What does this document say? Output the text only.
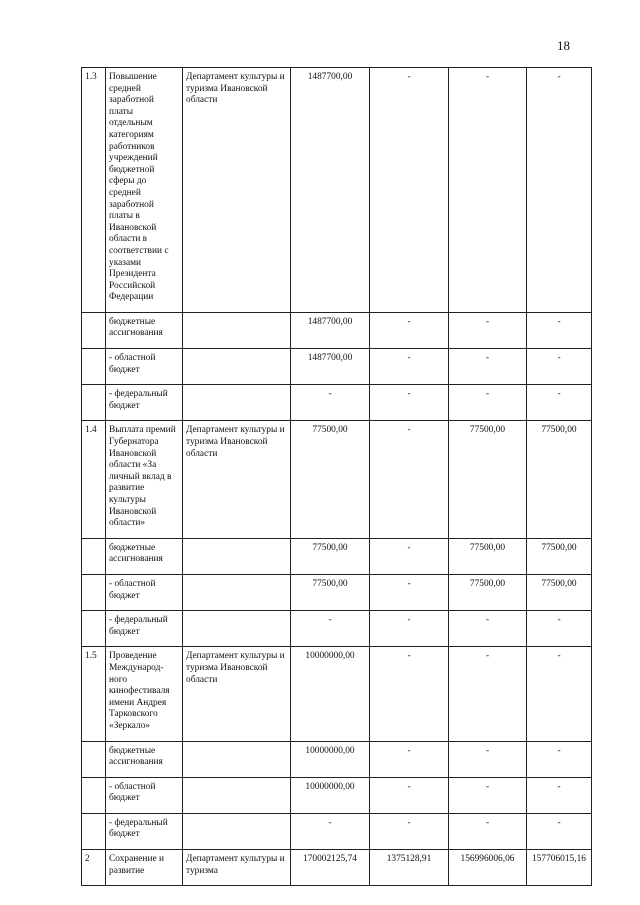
18
1.3	Повышение средней заработной платы отдельным категориям работников учреждений бюджетной сферы до средней заработной платы в Ивановской области в соответствии с указами Президента Российской Федерации	Департамент культуры и туризма Ивановской области	1487700,00	-	-	-
	бюджетные ассигнования		1487700,00	-	-	-
	- областной бюджет		1487700,00	-	-	-
	- федеральный бюджет		-	-	-	-
1.4	Выплата премий Губернатора Ивановской области «За личный вклад в развитие культуры Ивановской области»	Департамент культуры и туризма Ивановской области	77500,00	-	77500,00	77500,00
	бюджетные ассигнования		77500,00	-	77500,00	77500,00
	- областной бюджет		77500,00	-	77500,00	77500,00
	- федеральный бюджет		-	-	-	-
1.5	Проведение Международ-ного кинофестиваля имени Андрея Тарковского «Зеркало»	Департамент культуры и туризма Ивановской области	10000000,00	-	-	-
	бюджетные ассигнования		10000000,00	-	-	-
	- областной бюджет		10000000,00	-	-	-
	- федеральный бюджет		-	-	-	-
2	Сохранение и развитие	Департамент культуры и туризма	170002125,74	1375128,91	156996006,06	157706015,16
